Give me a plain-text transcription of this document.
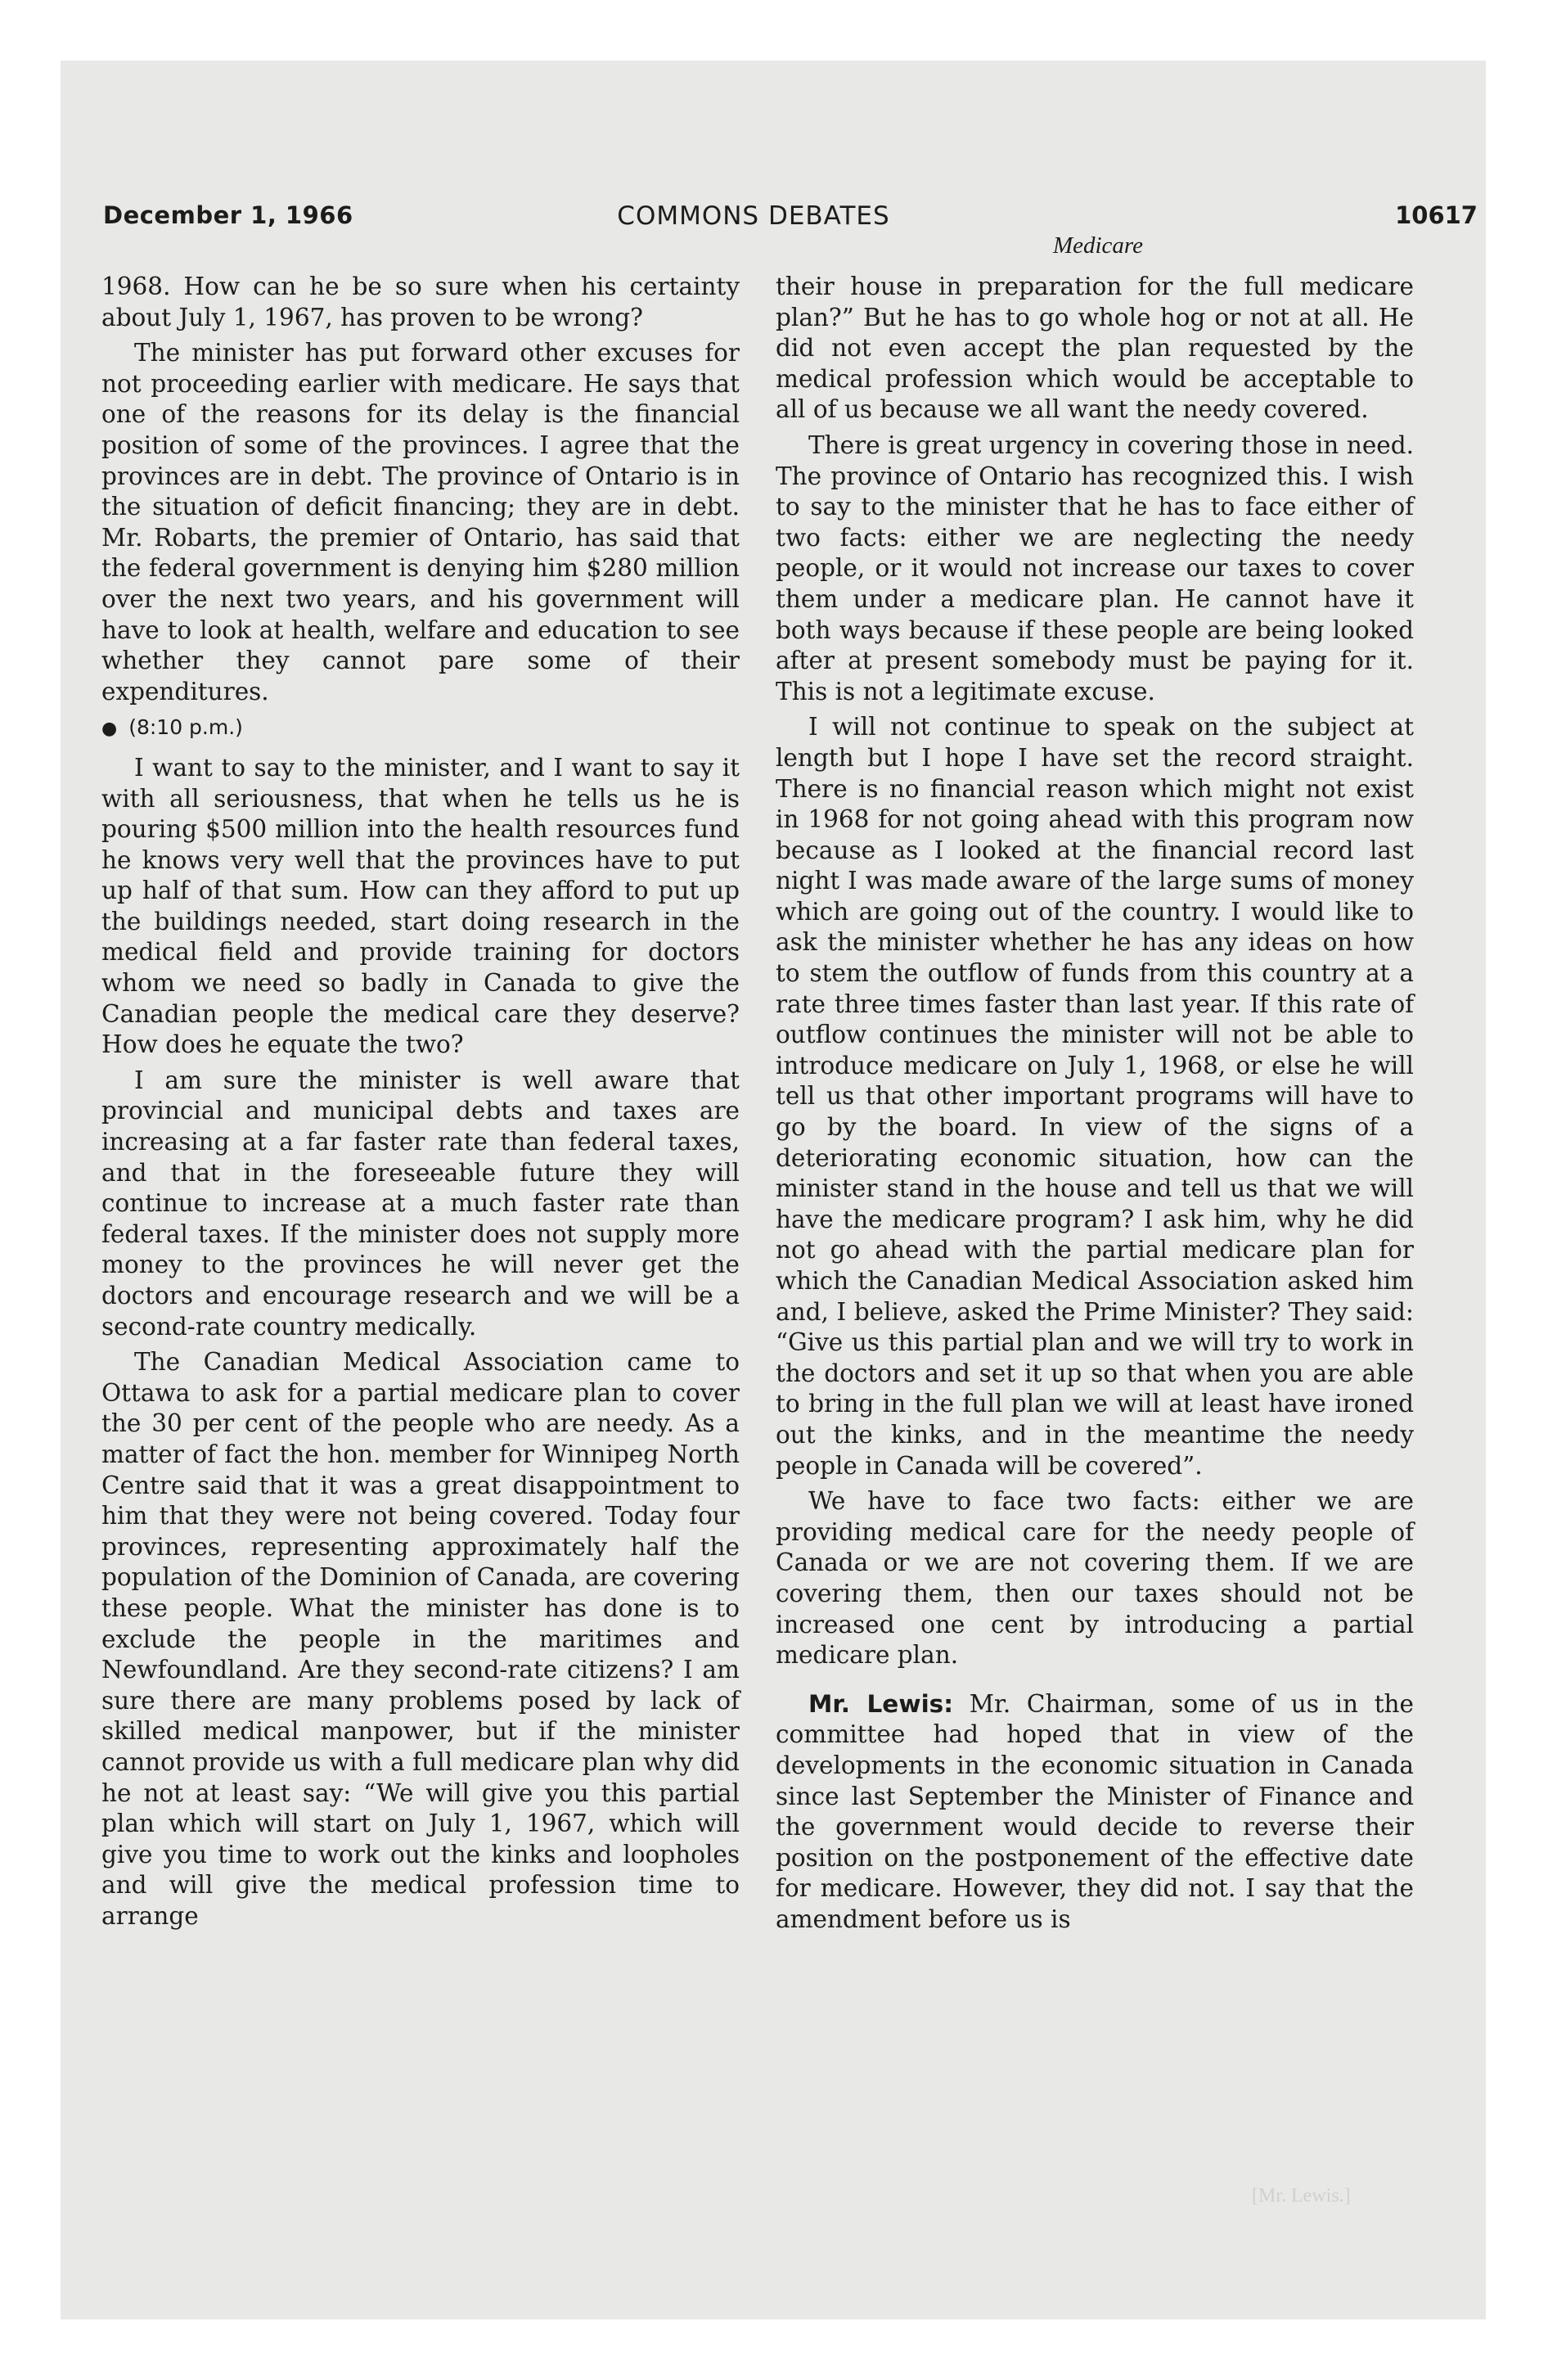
December 1, 1966	COMMONS DEBATES	10617
Medicare

1968. How can he be so sure when his certainty about July 1, 1967, has proven to be wrong?

The minister has put forward other excuses for not proceeding earlier with medicare. He says that one of the reasons for its delay is the financial position of some of the provinces. I agree that the provinces are in debt. The province of Ontario is in the situation of deficit financing; they are in debt. Mr. Robarts, the premier of Ontario, has said that the federal government is denying him $280 million over the next two years, and his government will have to look at health, welfare and education to see whether they cannot pare some of their expenditures.

● (8:10 p.m.)

I want to say to the minister, and I want to say it with all seriousness, that when he tells us he is pouring $500 million into the health resources fund he knows very well that the provinces have to put up half of that sum. How can they afford to put up the buildings needed, start doing research in the medical field and provide training for doctors whom we need so badly in Canada to give the Canadian people the medical care they deserve? How does he equate the two?

I am sure the minister is well aware that provincial and municipal debts and taxes are increasing at a far faster rate than federal taxes, and that in the foreseeable future they will continue to increase at a much faster rate than federal taxes. If the minister does not supply more money to the provinces he will never get the doctors and encourage research and we will be a second-rate country medically.

The Canadian Medical Association came to Ottawa to ask for a partial medicare plan to cover the 30 per cent of the people who are needy. As a matter of fact the hon. member for Winnipeg North Centre said that it was a great disappointment to him that they were not being covered. Today four provinces, representing approximately half the population of the Dominion of Canada, are covering these people. What the minister has done is to exclude the people in the maritimes and Newfoundland. Are they second-rate citizens? I am sure there are many problems posed by lack of skilled medical manpower, but if the minister cannot provide us with a full medicare plan why did he not at least say: “We will give you this partial plan which will start on July 1, 1967, which will give you time to work out the kinks and loopholes and will give the medical profession time to arrange

their house in preparation for the full medicare plan?” But he has to go whole hog or not at all. He did not even accept the plan requested by the medical profession which would be acceptable to all of us because we all want the needy covered.

There is great urgency in covering those in need. The province of Ontario has recognized this. I wish to say to the minister that he has to face either of two facts: either we are neglecting the needy people, or it would not increase our taxes to cover them under a medicare plan. He cannot have it both ways because if these people are being looked after at present somebody must be paying for it. This is not a legitimate excuse.

I will not continue to speak on the subject at length but I hope I have set the record straight. There is no financial reason which might not exist in 1968 for not going ahead with this program now because as I looked at the financial record last night I was made aware of the large sums of money which are going out of the country. I would like to ask the minister whether he has any ideas on how to stem the outflow of funds from this country at a rate three times faster than last year. If this rate of outflow continues the minister will not be able to introduce medicare on July 1, 1968, or else he will tell us that other important programs will have to go by the board. In view of the signs of a deteriorating economic situation, how can the minister stand in the house and tell us that we will have the medicare program? I ask him, why he did not go ahead with the partial medicare plan for which the Canadian Medical Association asked him and, I believe, asked the Prime Minister? They said: “Give us this partial plan and we will try to work in the doctors and set it up so that when you are able to bring in the full plan we will at least have ironed out the kinks, and in the meantime the needy people in Canada will be covered”.

We have to face two facts: either we are providing medical care for the needy people of Canada or we are not covering them. If we are covering them, then our taxes should not be increased one cent by introducing a partial medicare plan.

Mr. Lewis: Mr. Chairman, some of us in the committee had hoped that in view of the developments in the economic situation in Canada since last September the Minister of Finance and the government would decide to reverse their position on the postponement of the effective date for medicare. However, they did not. I say that the amendment before us is

[Mr. Lewis.]
